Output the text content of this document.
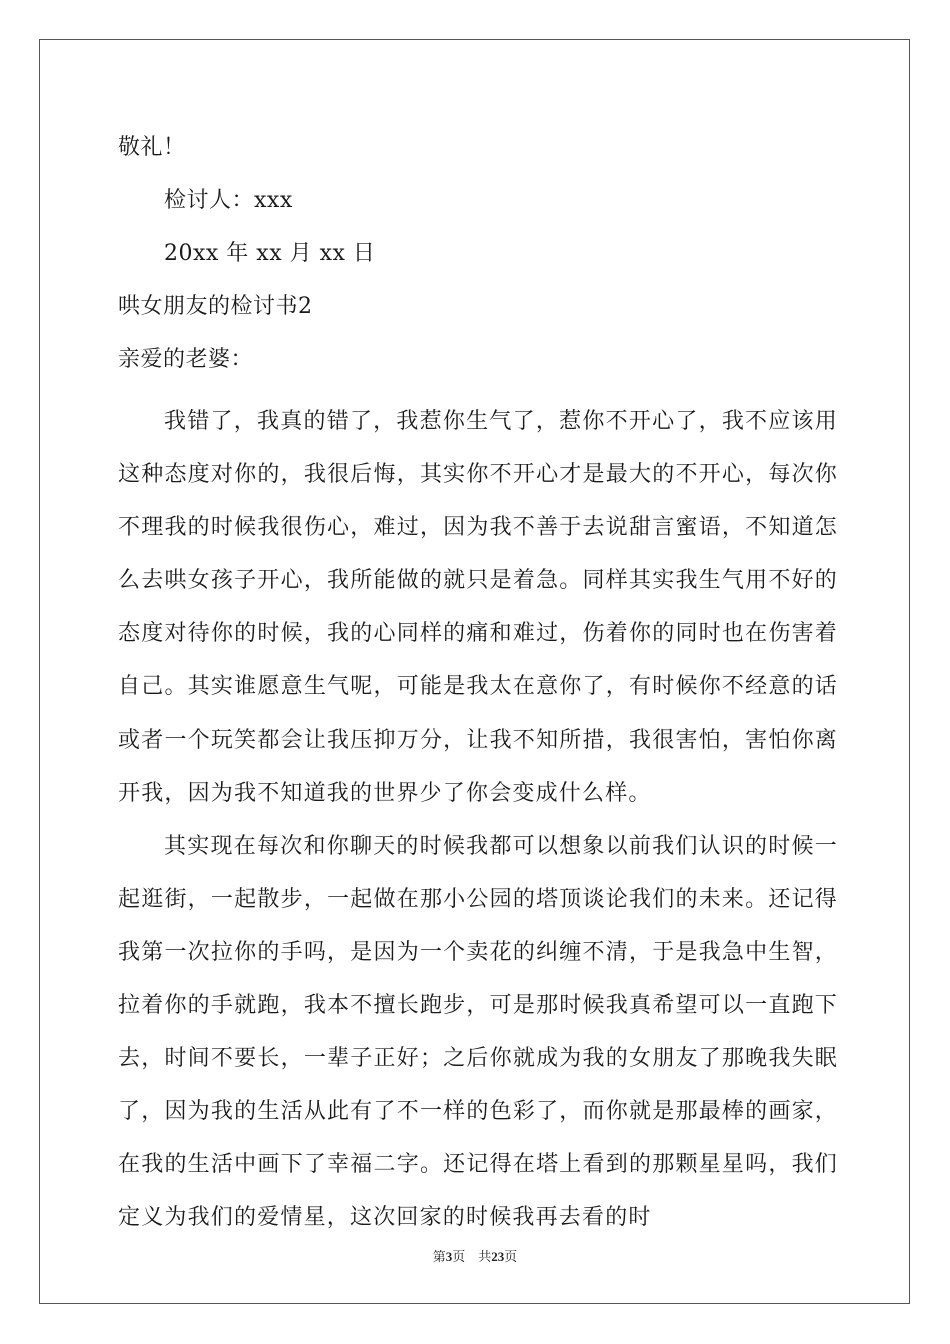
敬礼！
检讨人：xxx
20xx 年 xx 月 xx 日
哄女朋友的检讨书2
亲爱的老婆：

我错了，我真的错了，我惹你生气了，惹你不开心了，我不应该用这种态度对你的，我很后悔，其实你不开心才是最大的不开心，每次你不理我的时候我很伤心，难过，因为我不善于去说甜言蜜语，不知道怎么去哄女孩子开心，我所能做的就只是着急。同样其实我生气用不好的态度对待你的时候，我的心同样的痛和难过，伤着你的同时也在伤害着自己。其实谁愿意生气呢，可能是我太在意你了，有时候你不经意的话或者一个玩笑都会让我压抑万分，让我不知所措，我很害怕，害怕你离开我，因为我不知道我的世界少了你会变成什么样。

其实现在每次和你聊天的时候我都可以想象以前我们认识的时候一起逛街，一起散步，一起做在那小公园的塔顶谈论我们的未来。还记得我第一次拉你的手吗，是因为一个卖花的纠缠不清，于是我急中生智，拉着你的手就跑，我本不擅长跑步，可是那时候我真希望可以一直跑下去，时间不要长，一辈子正好；之后你就成为我的女朋友了那晚我失眠了，因为我的生活从此有了不一样的色彩了，而你就是那最棒的画家，在我的生活中画下了幸福二字。还记得在塔上看到的那颗星星吗，我们定义为我们的爱情星，这次回家的时候我再去看的时

第3页　共23页
